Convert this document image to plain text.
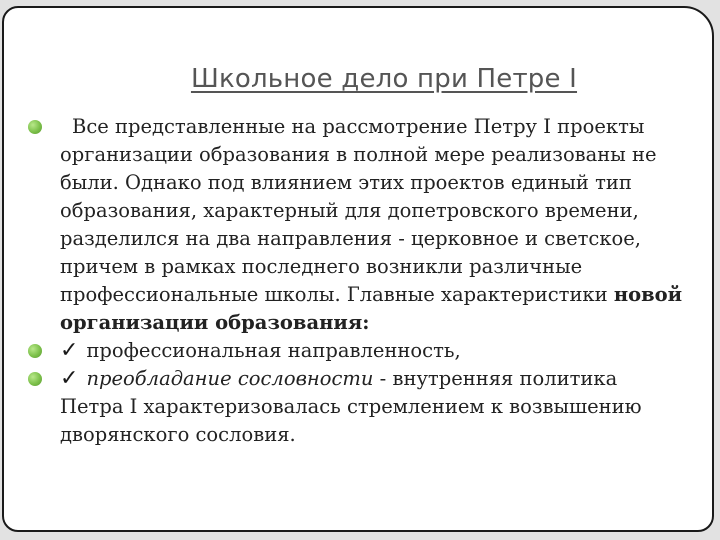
Школьное дело при Петре I

Все представленные на рассмотрение Петру I проекты организации образования в полной мере реализованы не были. Однако под влиянием этих проектов единый тип образования, характерный для допетровского времени, разделился на два направления - церковное и светское, причем в рамках последнего возникли различные профессиональные школы. Главные характеристики новой организации образования:

✓ профессиональная направленность,

✓ преобладание сословности - внутренняя политика Петра I характеризовалась стремлением к возвышению дворянского сословия.
